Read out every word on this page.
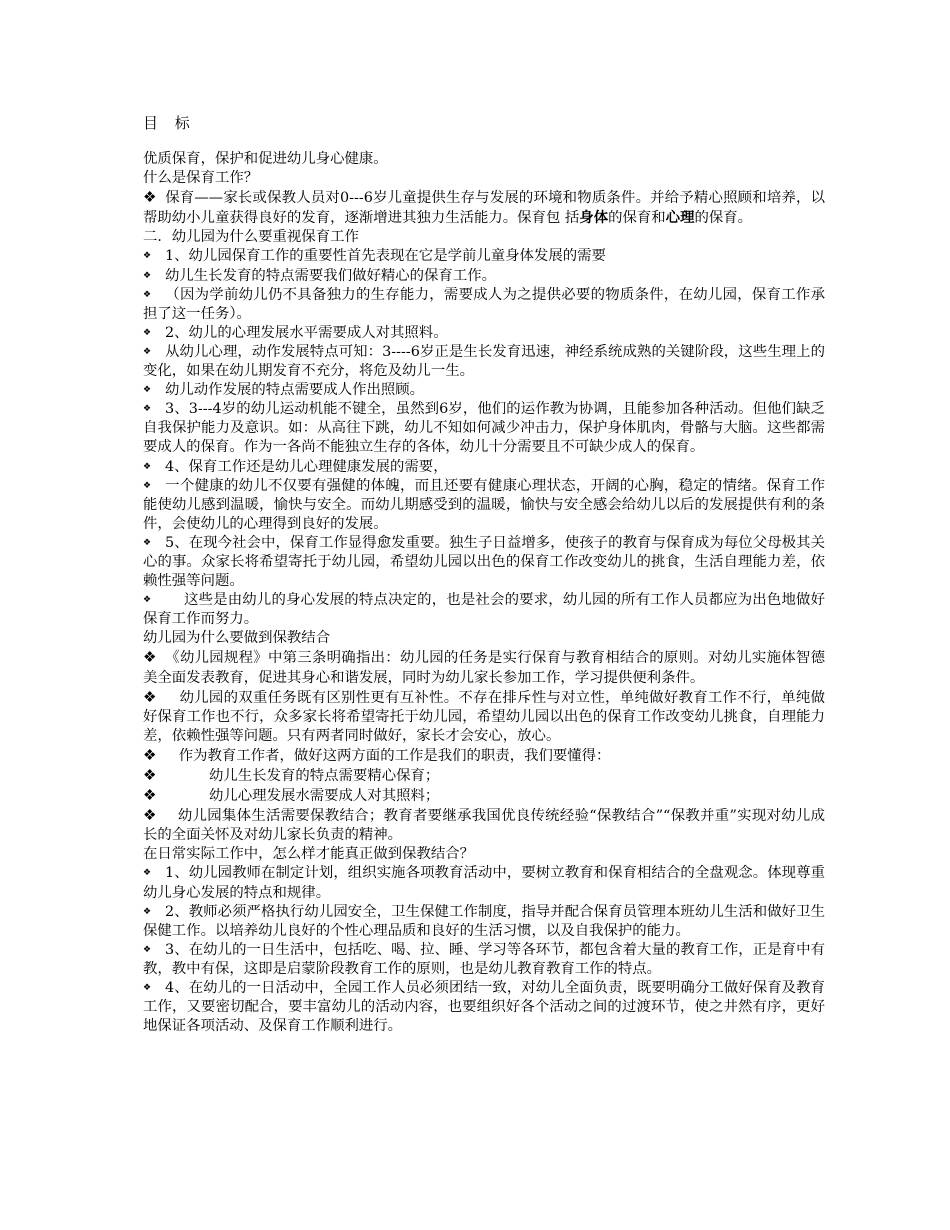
目 标

优质保育，保护和促进幼儿身心健康。

什么是保育工作？

❖ 保育——家长或保教人员对0---6岁儿童提供生存与发展的环境和物质条件。并给予精心照顾和培养，以帮助幼小儿童获得良好的发育，逐渐增进其独力生活能力。保育包 括身体的保育和心理的保育。

二．幼儿园为什么要重视保育工作

❖ 1、幼儿园保育工作的重要性首先表现在它是学前儿童身体发展的需要

❖ 幼儿生长发育的特点需要我们做好精心的保育工作。

❖ （因为学前幼儿仍不具备独力的生存能力，需要成人为之提供必要的物质条件，在幼儿园，保育工作承担了这一任务）。

❖ 2、幼儿的心理发展水平需要成人对其照料。

❖ 从幼儿心理，动作发展特点可知：3----6岁正是生长发育迅速，神经系统成熟的关键阶段，这些生理上的变化，如果在幼儿期发育不充分，将危及幼儿一生。

❖ 幼儿动作发展的特点需要成人作出照顾。

❖ 3、3---4岁的幼儿运动机能不键全，虽然到6岁，他们的运作教为协调，且能参加各种活动。但他们缺乏自我保护能力及意识。如：从高往下跳，幼儿不知如何减少冲击力，保护身体肌肉，骨骼与大脑。这些都需要成人的保育。作为一各尚不能独立生存的各体，幼儿十分需要且不可缺少成人的保育。

❖ 4、保育工作还是幼儿心理健康发展的需要，

❖ 一个健康的幼儿不仅要有强健的体魄，而且还要有健康心理状态，开阔的心胸，稳定的情绪。保育工作能使幼儿感到温暖，愉快与安全。而幼儿期感受到的温暖，愉快与安全感会给幼儿以后的发展提供有利的条件，会使幼儿的心理得到良好的发展。

❖ 5、在现今社会中，保育工作显得愈发重要。独生子日益增多，使孩子的教育与保育成为每位父母极其关心的事。众家长将希望寄托于幼儿园，希望幼儿园以出色的保育工作改变幼儿的挑食，生活自理能力差，依赖性强等问题。

❖    这些是由幼儿的身心发展的特点决定的，也是社会的要求，幼儿园的所有工作人员都应为出色地做好保育工作而努力。

幼儿园为什么要做到保教结合

❖ 《幼儿园规程》中第三条明确指出：幼儿园的任务是实行保育与教育相结合的原则。对幼儿实施体智德美全面发表教育，促进其身心和谐发展，同时为幼儿家长参加工作，学习提供便利条件。

❖   幼儿园的双重任务既有区别性更有互补性。不存在排斥性与对立性，单纯做好教育工作不行，单纯做好保育工作也不行，众多家长将希望寄托于幼儿园，希望幼儿园以出色的保育工作改变幼儿挑食，自理能力差，依赖性强等问题。只有两者同时做好，家长才会安心，放心。

❖   作为教育工作者，做好这两方面的工作是我们的职责，我们要懂得：

❖	幼儿生长发育的特点需要精心保育；

❖	幼儿心理发展水需要成人对其照料；

❖ 幼儿园集体生活需要保教结合；教育者要继承我国优良传统经验“保教结合”“保教并重”实现对幼儿成长的全面关怀及对幼儿家长负责的精神。

在日常实际工作中，怎么样才能真正做到保教结合？

❖ 1、幼儿园教师在制定计划，组织实施各项教育活动中，要树立教育和保育相结合的全盘观念。体现尊重幼儿身心发展的特点和规律。

❖ 2、教师必须严格执行幼儿园安全，卫生保健工作制度，指导并配合保育员管理本班幼儿生活和做好卫生保健工作。以培养幼儿良好的个性心理品质和良好的生活习惯，以及自我保护的能力。

❖ 3、在幼儿的一日生活中，包括吃、喝、拉、睡、学习等各环节，都包含着大量的教育工作，正是育中有教，教中有保，这即是启蒙阶段教育工作的原则，也是幼儿教育教育工作的特点。

❖ 4、在幼儿的一日活动中，全园工作人员必须团结一致，对幼儿全面负责，既要明确分工做好保育及教育工作，又要密切配合，要丰富幼儿的活动内容，也要组织好各个活动之间的过渡环节，使之井然有序，更好地保证各项活动、及保育工作顺利进行。
